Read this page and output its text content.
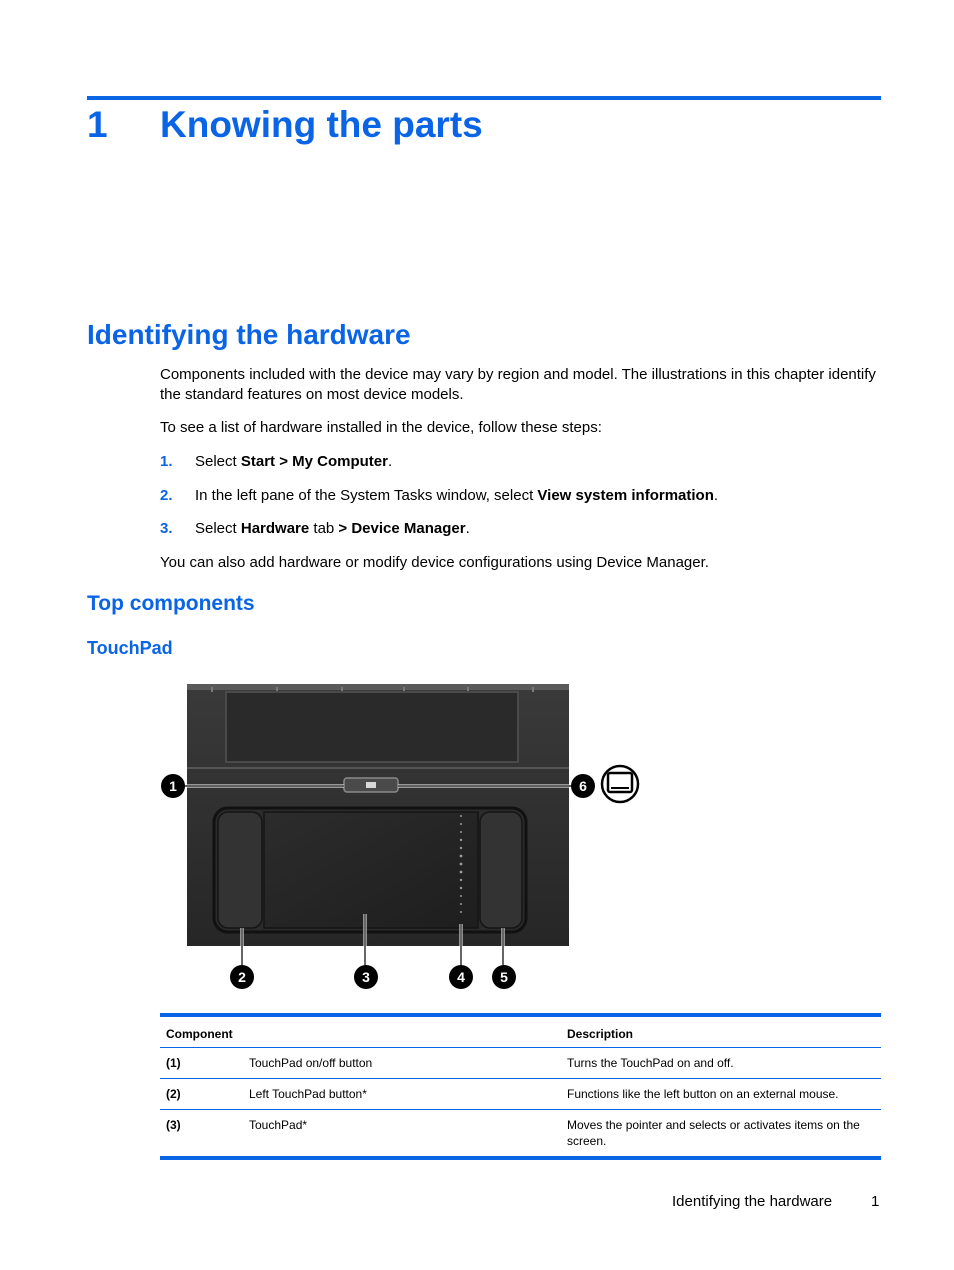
1 Knowing the parts
Identifying the hardware

Components included with the device may vary by region and model. The illustrations in this chapter identify the standard features on most device models.

To see a list of hardware installed in the device, follow these steps:

1. Select Start > My Computer.
2. In the left pane of the System Tasks window, select View system information.
3. Select Hardware tab > Device Manager.

You can also add hardware or modify device configurations using Device Manager.

Top components
TouchPad
1	6
2	3	4	5
Component		Description
(1)	TouchPad on/off button	Turns the TouchPad on and off.
(2)	Left TouchPad button*	Functions like the left button on an external mouse.
(3)	TouchPad*	Moves the pointer and selects or activates items on the screen.
Identifying the hardware	1
